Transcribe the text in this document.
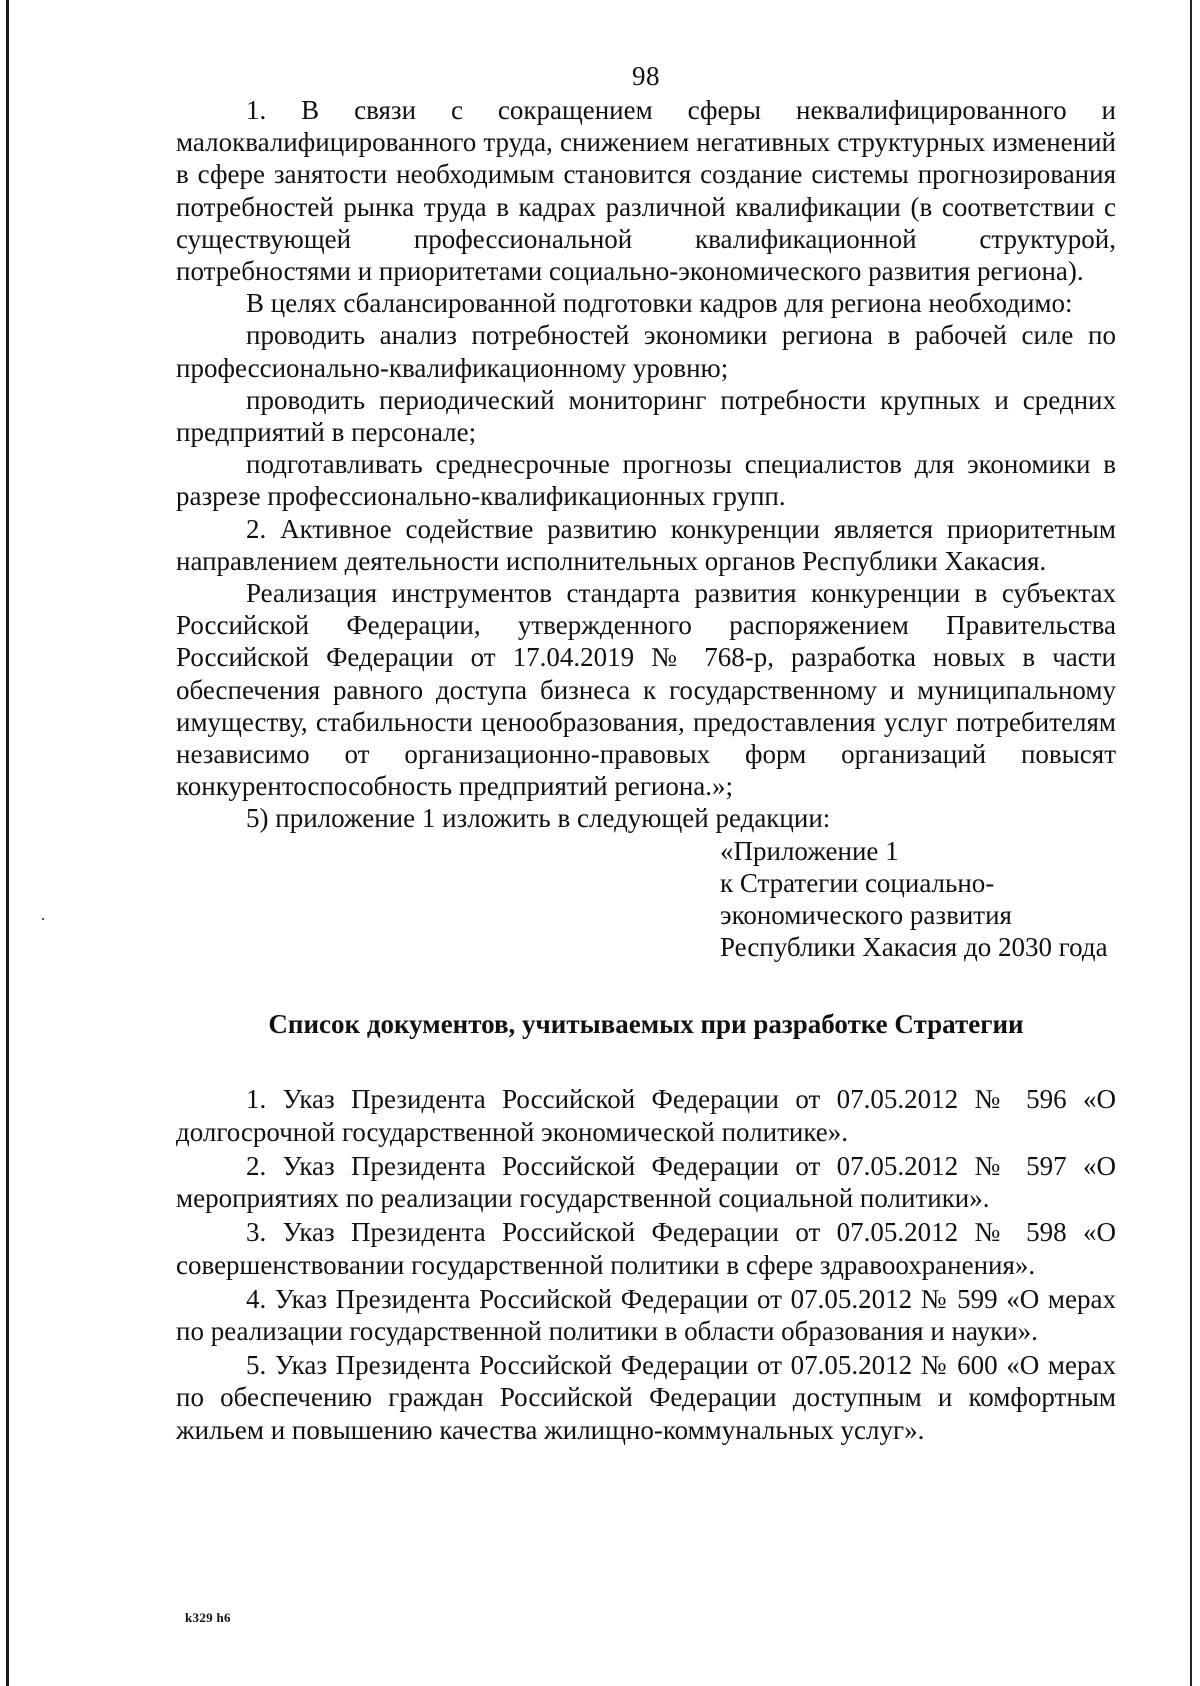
98

1. В связи с сокращением сферы неквалифицированного и малоквалифицированного труда, снижением негативных структурных изменений в сфере занятости необходимым становится создание системы прогнозирования потребностей рынка труда в кадрах различной квалификации (в соответствии с существующей профессиональной квалификационной структурой, потребностями и приоритетами социально-экономического развития региона).

В целях сбалансированной подготовки кадров для региона необходимо:

проводить анализ потребностей экономики региона в рабочей силе по профессионально-квалификационному уровню;

проводить периодический мониторинг потребности крупных и средних предприятий в персонале;

подготавливать среднесрочные прогнозы специалистов для экономики в разрезе профессионально-квалификационных групп.

2. Активное содействие развитию конкуренции является приоритетным направлением деятельности исполнительных органов Республики Хакасия.

Реализация инструментов стандарта развития конкуренции в субъектах Российской Федерации, утвержденного распоряжением Правительства Российской Федерации от 17.04.2019 № 768-р, разработка новых в части обеспечения равного доступа бизнеса к государственному и муниципальному имуществу, стабильности ценообразования, предоставления услуг потребителям независимо от организационно-правовых форм организаций повысят конкурентоспособность предприятий региона.»;

5) приложение 1 изложить в следующей редакции:

«Приложение 1
к Стратегии социально-
экономического развития
Республики Хакасия до 2030 года
Список документов, учитываемых при разработке Стратегии

1. Указ Президента Российской Федерации от 07.05.2012 № 596 «О долгосрочной государственной экономической политике».

2. Указ Президента Российской Федерации от 07.05.2012 № 597 «О мероприятиях по реализации государственной социальной политики».

3. Указ Президента Российской Федерации от 07.05.2012 № 598 «О совершенствовании государственной политики в сфере здравоохранения».

4. Указ Президента Российской Федерации от 07.05.2012 № 599 «О мерах по реализации государственной политики в области образования и науки».

5. Указ Президента Российской Федерации от 07.05.2012 № 600 «О мерах по обеспечению граждан Российской Федерации доступным и комфортным жильем и повышению качества жилищно-коммунальных услуг».

k329 h6
